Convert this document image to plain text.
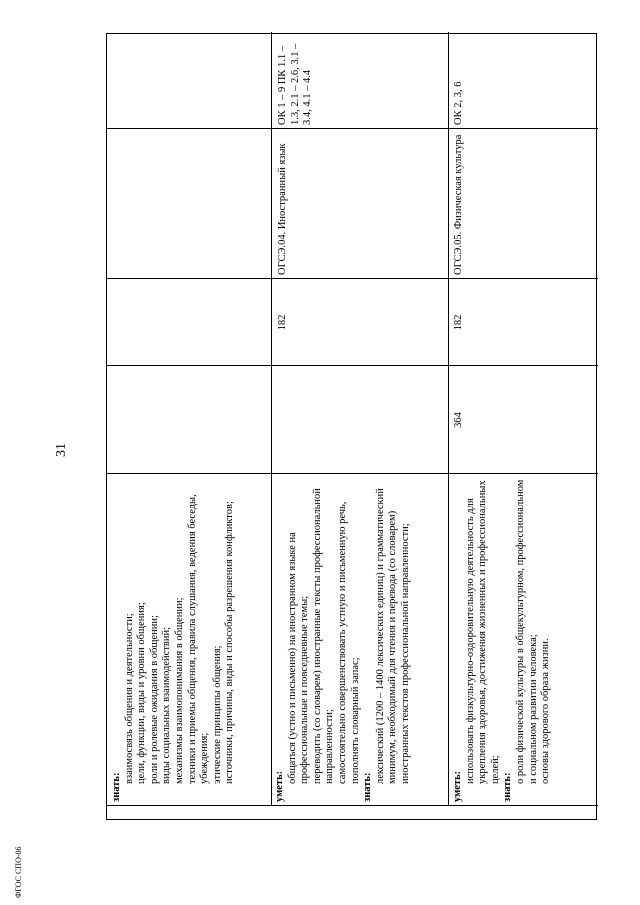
31
ФГОС СПО-06

знать:

взаимосвязь общения и деятельности; цели, функции, виды и уровни общения; роли и ролевые ожидания в общении; виды социальных взаимодействий; механизмы взаимопонимания в общении; техники и приемы общения, правила слушания, ведения беседы, убеждения; этические принципы общения; источники, причины, виды и способы разрешения конфликтов;

уметь:

общаться (устно и письменно) на иностранном языке на профессиональные и повседневные темы; переводить (со словарем) иностранные тексты профессиональной направленности; самостоятельно совершенствовать устную и письменную речь, пополнять словарный запас;

знать:

лексический (1200 – 1400 лексических единиц) и грамматический минимум, необходимый для чтения и перевода (со словарем) иностранных текстов профессиональной направленности;

182
ОГСЭ.04. Иностранный язык
ОК 1 – 9 ПК 1.1 – 1.3, 2.1 – 2.6, 3.1 – 3.4, 4.1 – 4.4

уметь:

использовать физкультурно-оздоровительную деятельность для укрепления здоровья, достижения жизненных и профессиональных целей;

знать:

о роли физической культуры в общекультурном, профессиональном и социальном развитии человека; основы здорового образа жизни.

364
182
ОГСЭ.05. Физическая культура
ОК 2, 3, 6
